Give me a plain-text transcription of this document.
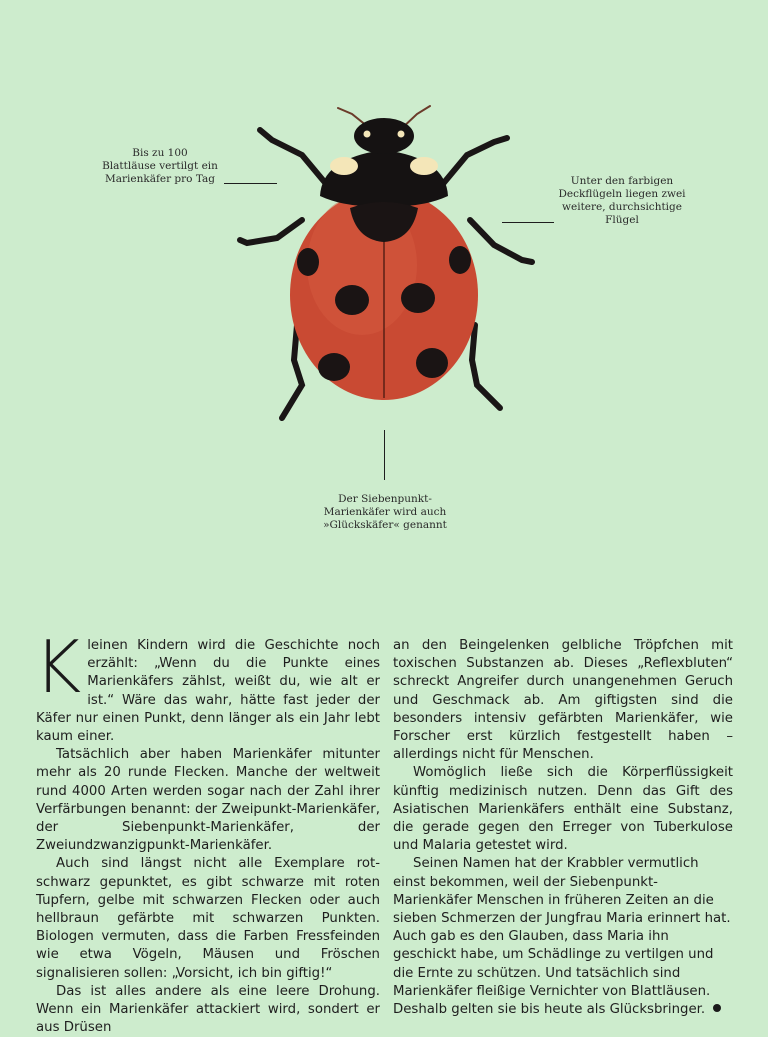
Bis zu 100
Blattläuse vertilgt ein
Marienkäfer pro Tag	Unter den farbigen
Deckflügeln liegen zwei
weitere, durchsichtige
Flügel
Der Siebenpunkt-
Marienkäfer wird auch
»Glückskäfer« genannt

Kleinen Kindern wird die Geschichte noch erzählt: „Wenn du die Punkte eines Marienkäfers zählst, weißt du, wie alt er ist.“ Wäre das wahr, hätte fast jeder der Käfer nur einen Punkt, denn länger als ein Jahr lebt kaum einer.

Tatsächlich aber haben Marienkäfer mitunter mehr als 20 runde Flecken. Manche der weltweit rund 4000 Arten werden sogar nach der Zahl ihrer Verfärbungen benannt: der Zweipunkt-Marienkäfer, der Siebenpunkt-Marienkäfer, der Zweiundzwanzigpunkt-Marienkäfer.

Auch sind längst nicht alle Exemplare rot-schwarz gepunktet, es gibt schwarze mit roten Tupfern, gelbe mit schwarzen Flecken oder auch hellbraun gefärbte mit schwarzen Punkten. Biologen vermuten, dass die Farben Fressfeinden wie etwa Vögeln, Mäusen und Fröschen signalisieren sollen: „Vorsicht, ich bin giftig!“

Das ist alles andere als eine leere Drohung. Wenn ein Marienkäfer attackiert wird, sondert er aus Drüsen

an den Beingelenken gelbliche Tröpfchen mit toxischen Substanzen ab. Dieses „Reflexbluten“ schreckt Angreifer durch unangenehmen Geruch und Geschmack ab. Am giftigsten sind die besonders intensiv gefärbten Marienkäfer, wie Forscher erst kürzlich festgestellt haben – allerdings nicht für Menschen.

Womöglich ließe sich die Körperflüssigkeit künftig medizinisch nutzen. Denn das Gift des Asiatischen Marienkäfers enthält eine Substanz, die gerade gegen den Erreger von Tuberkulose und Malaria getestet wird.

Seinen Namen hat der Krabbler vermutlich einst bekommen, weil der Siebenpunkt-Marienkäfer Menschen in früheren Zeiten an die sieben Schmerzen der Jungfrau Maria erinnert hat. Auch gab es den Glauben, dass Maria ihn geschickt habe, um Schädlinge zu vertilgen und die Ernte zu schützen. Und tatsächlich sind Marienkäfer fleißige Vernichter von Blattläusen. Deshalb gelten sie bis heute als Glücksbringer.
